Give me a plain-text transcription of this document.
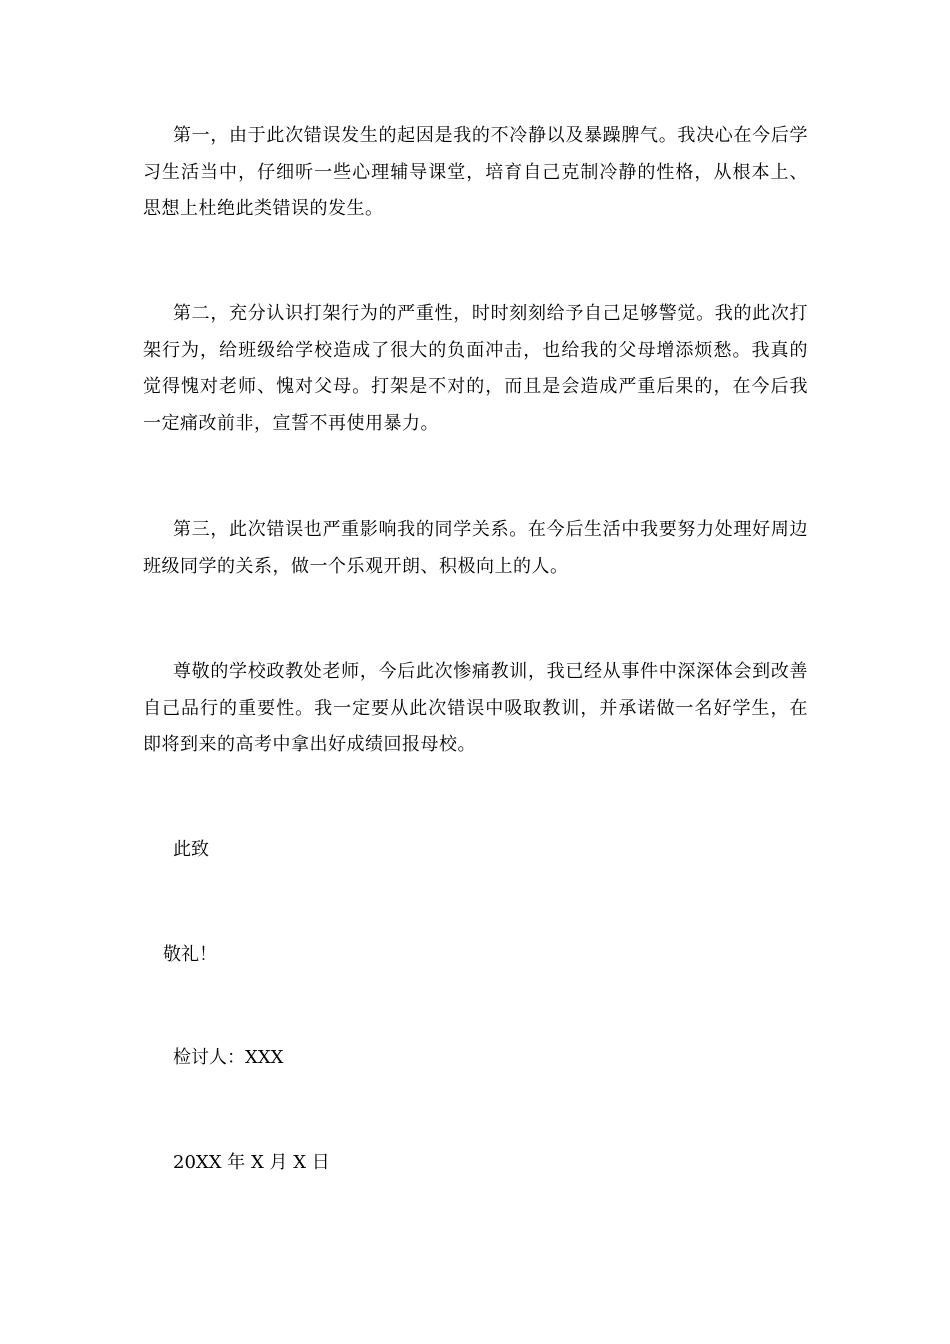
第一，由于此次错误发生的起因是我的不冷静以及暴躁脾气。我决心在今后学习生活当中，仔细听一些心理辅导课堂，培育自己克制冷静的性格，从根本上、思想上杜绝此类错误的发生。

第二，充分认识打架行为的严重性，时时刻刻给予自己足够警觉。我的此次打架行为，给班级给学校造成了很大的负面冲击，也给我的父母增添烦愁。我真的觉得愧对老师、愧对父母。打架是不对的，而且是会造成严重后果的，在今后我一定痛改前非，宣誓不再使用暴力。

第三，此次错误也严重影响我的同学关系。在今后生活中我要努力处理好周边班级同学的关系，做一个乐观开朗、积极向上的人。

尊敬的学校政教处老师，今后此次惨痛教训，我已经从事件中深深体会到改善自己品行的重要性。我一定要从此次错误中吸取教训，并承诺做一名好学生，在即将到来的高考中拿出好成绩回报母校。

此致

敬礼！

检讨人：XXX

20XX 年 X 月 X 日
